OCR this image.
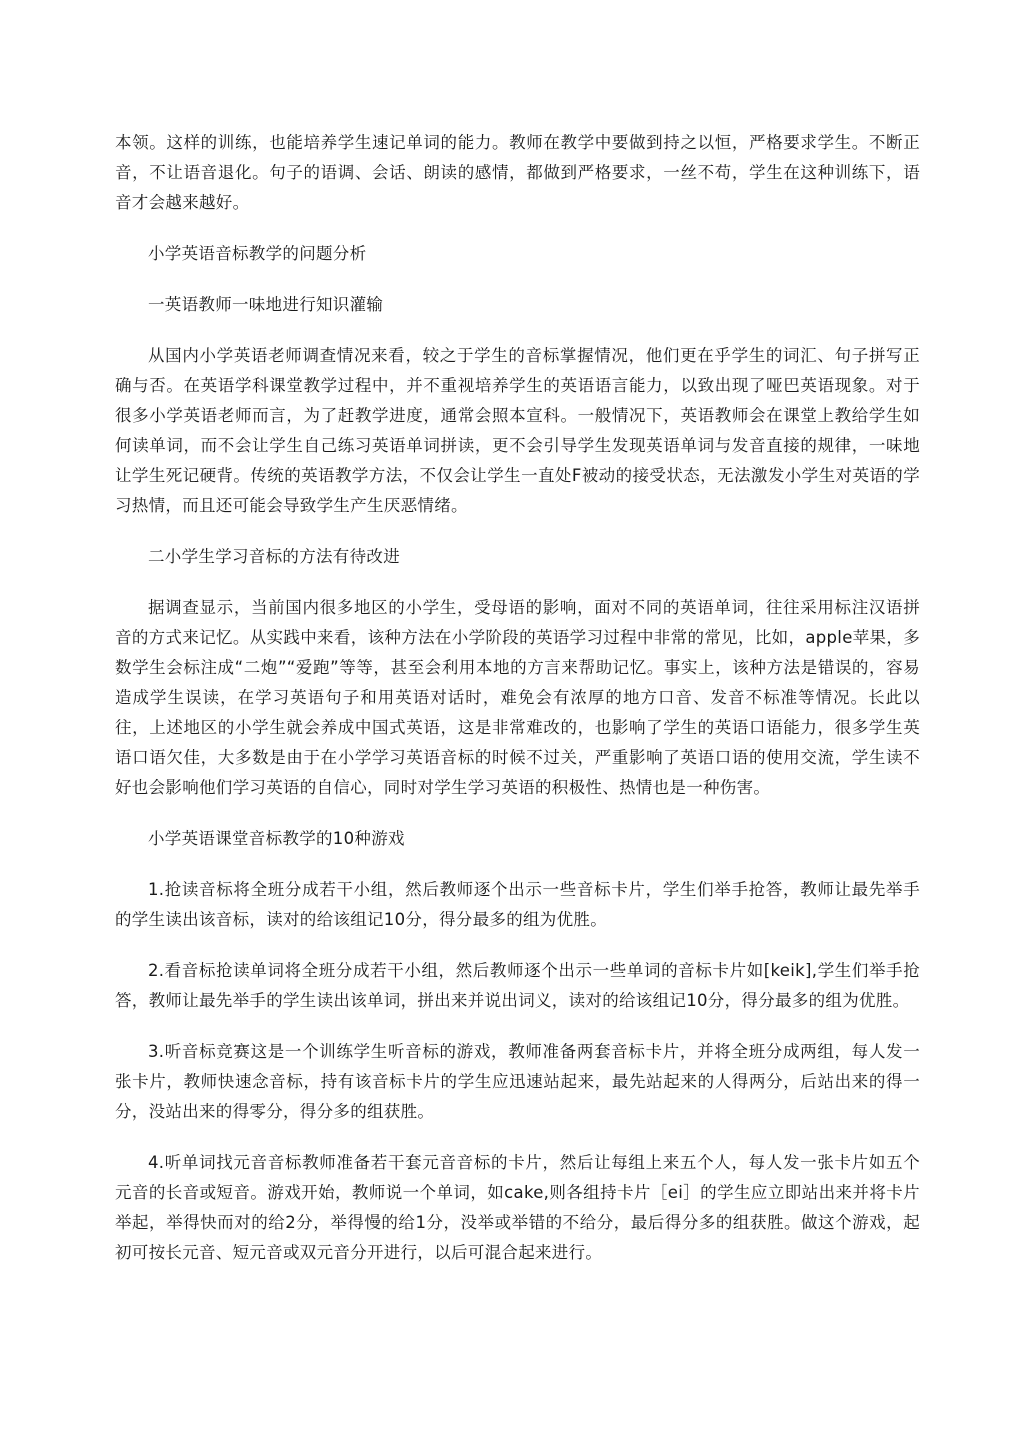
本领。这样的训练，也能培养学生速记单词的能力。教师在教学中要做到持之以恒，严格要求学生。不断正音，不让语音退化。句子的语调、会话、朗读的感情，都做到严格要求，一丝不苟，学生在这种训练下，语音才会越来越好。

小学英语音标教学的问题分析

一英语教师一味地进行知识灌输

从国内小学英语老师调查情况来看，较之于学生的音标掌握情况，他们更在乎学生的词汇、句子拼写正确与否。在英语学科课堂教学过程中，并不重视培养学生的英语语言能力，以致出现了哑巴英语现象。对于很多小学英语老师而言，为了赶教学进度，通常会照本宣科。一般情况下，英语教师会在课堂上教给学生如何读单词，而不会让学生自己练习英语单词拼读，更不会引导学生发现英语单词与发音直接的规律，一味地让学生死记硬背。传统的英语教学方法，不仅会让学生一直处F被动的接受状态，无法激发小学生对英语的学习热情，而且还可能会导致学生产生厌恶情绪。

二小学生学习音标的方法有待改进

据调查显示，当前国内很多地区的小学生，受母语的影响，面对不同的英语单词，往往采用标注汉语拼音的方式来记忆。从实践中来看，该种方法在小学阶段的英语学习过程中非常的常见，比如，apple苹果，多数学生会标注成“二炮”“爱跑”等等，甚至会利用本地的方言来帮助记忆。事实上，该种方法是错误的，容易造成学生误读，在学习英语句子和用英语对话时，难免会有浓厚的地方口音、发音不标准等情况。长此以往，上述地区的小学生就会养成中国式英语，这是非常难改的，也影响了学生的英语口语能力，很多学生英语口语欠佳，大多数是由于在小学学习英语音标的时候不过关，严重影响了英语口语的使用交流，学生读不好也会影响他们学习英语的自信心，同时对学生学习英语的积极性、热情也是一种伤害。

小学英语课堂音标教学的10种游戏

1.抢读音标将全班分成若干小组，然后教师逐个出示一些音标卡片，学生们举手抢答，教师让最先举手的学生读出该音标，读对的给该组记10分，得分最多的组为优胜。

2.看音标抢读单词将全班分成若干小组，然后教师逐个出示一些单词的音标卡片如[keik],学生们举手抢答，教师让最先举手的学生读出该单词，拼出来并说出词义，读对的给该组记10分，得分最多的组为优胜。

3.听音标竞赛这是一个训练学生听音标的游戏，教师准备两套音标卡片，并将全班分成两组，每人发一张卡片，教师快速念音标，持有该音标卡片的学生应迅速站起来，最先站起来的人得两分，后站出来的得一分，没站出来的得零分，得分多的组获胜。

4.听单词找元音音标教师准备若干套元音音标的卡片，然后让每组上来五个人，每人发一张卡片如五个元音的长音或短音。游戏开始，教师说一个单词，如cake,则各组持卡片［ei］的学生应立即站出来并将卡片举起，举得快而对的给2分，举得慢的给1分，没举或举错的不给分，最后得分多的组获胜。做这个游戏，起初可按长元音、短元音或双元音分开进行，以后可混合起来进行。
